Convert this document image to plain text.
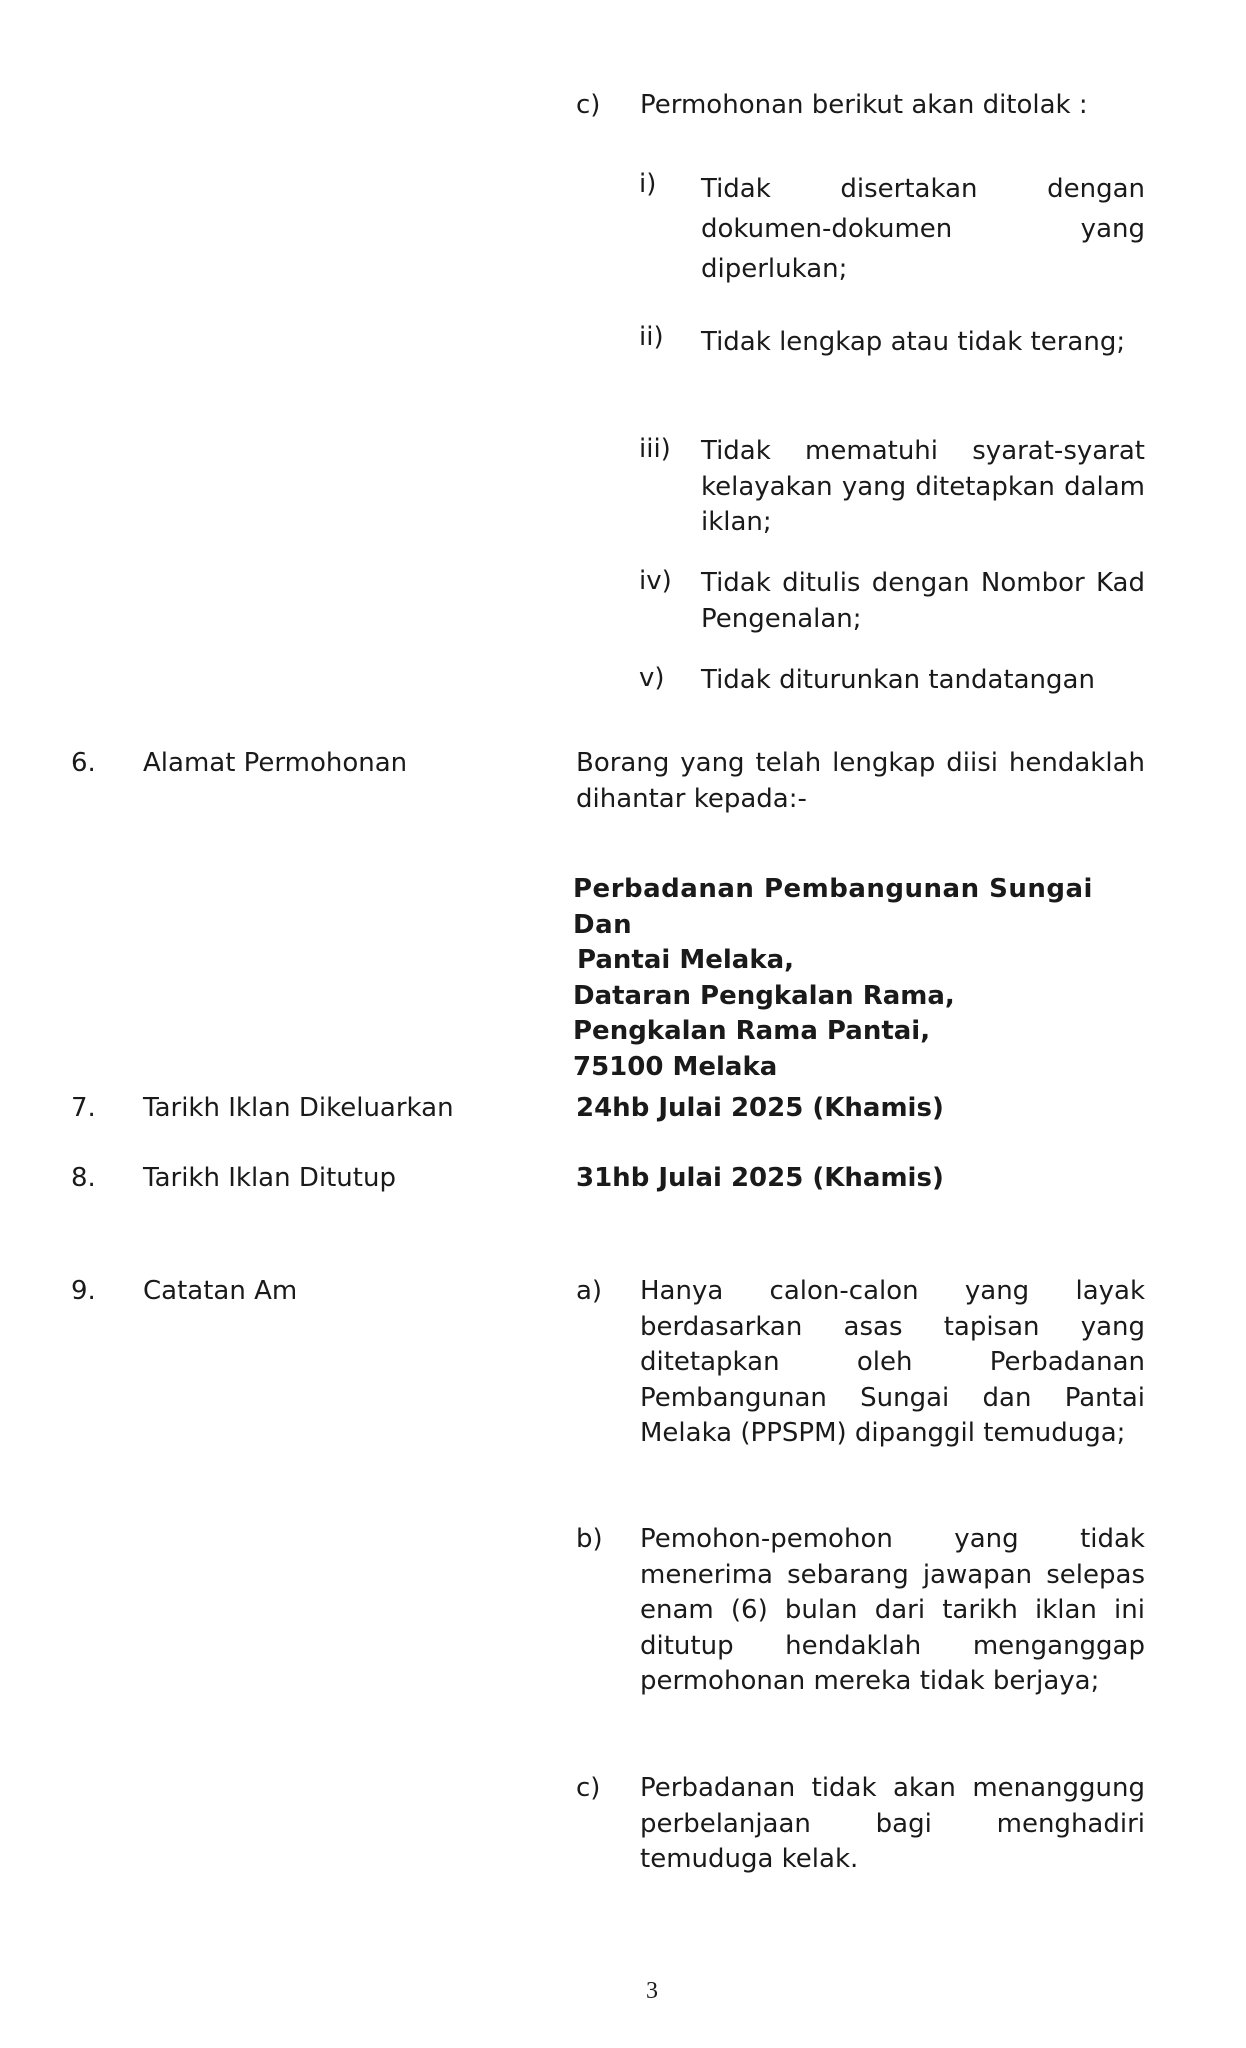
c) Permohonan berikut akan ditolak :
i) Tidak disertakan dengan dokumen-dokumen yang diperlukan;
ii) Tidak lengkap atau tidak terang;
iii) Tidak mematuhi syarat-syarat kelayakan yang ditetapkan dalam iklan;
iv) Tidak ditulis dengan Nombor Kad Pengenalan;
v) Tidak diturunkan tandatangan
6. Alamat Permohonan	Borang yang telah lengkap diisi hendaklah dihantar kepada:-
Perbadanan Pembangunan Sungai Dan
Pantai Melaka,
Dataran Pengkalan Rama,
Pengkalan Rama Pantai,
75100 Melaka
7. Tarikh Iklan Dikeluarkan	24hb Julai 2025 (Khamis)
8. Tarikh Iklan Ditutup	31hb Julai 2025 (Khamis)
9. Catatan Am	a) Hanya calon-calon yang layak berdasarkan asas tapisan yang ditetapkan oleh Perbadanan Pembangunan Sungai dan Pantai Melaka (PPSPM) dipanggil temuduga;
b) Pemohon-pemohon yang tidak menerima sebarang jawapan selepas enam (6) bulan dari tarikh iklan ini ditutup hendaklah menganggap permohonan mereka tidak berjaya;
c) Perbadanan tidak akan menanggung perbelanjaan bagi menghadiri temuduga kelak.
3
